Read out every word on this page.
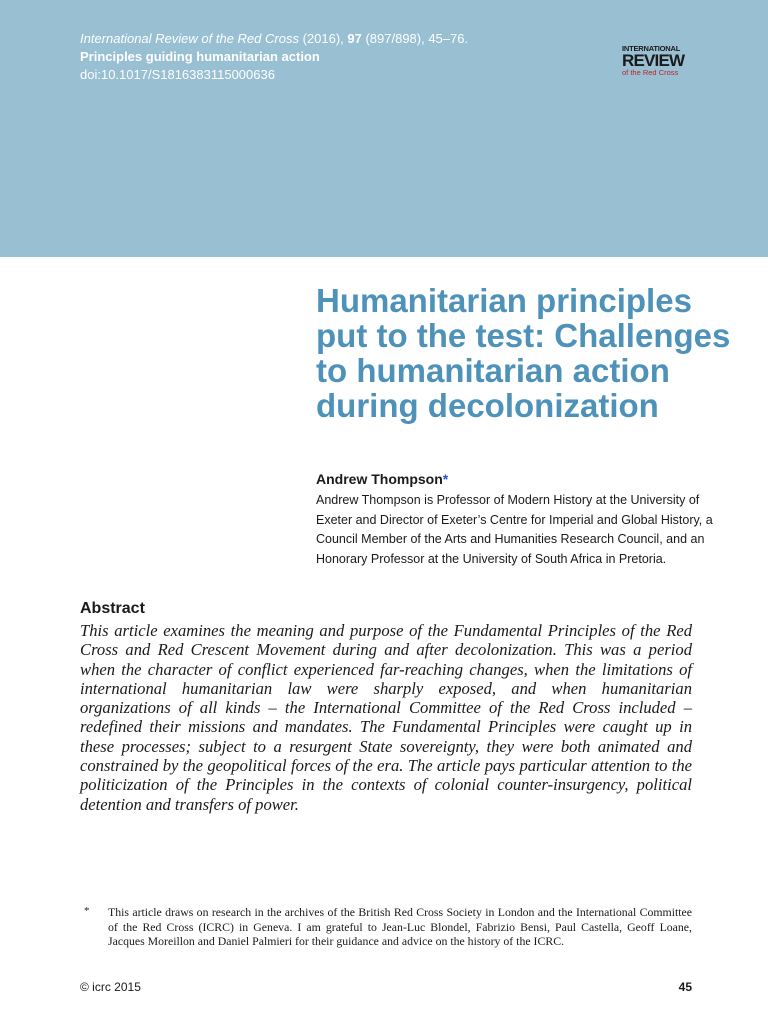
International Review of the Red Cross (2016), 97 (897/898), 45–76.
Principles guiding humanitarian action
doi:10.1017/S1816383115000636
INTERNATIONAL
REVIEW
of the Red Cross
Humanitarian principles put to the test: Challenges to humanitarian action during decolonization
Andrew Thompson*

Andrew Thompson is Professor of Modern History at the University of Exeter and Director of Exeter’s Centre for Imperial and Global History, a Council Member of the Arts and Humanities Research Council, and an Honorary Professor at the University of South Africa in Pretoria.

Abstract

This article examines the meaning and purpose of the Fundamental Principles of the Red Cross and Red Crescent Movement during and after decolonization. This was a period when the character of conflict experienced far-reaching changes, when the limitations of international humanitarian law were sharply exposed, and when humanitarian organizations of all kinds – the International Committee of the Red Cross included – redefined their missions and mandates. The Fundamental Principles were caught up in these processes; subject to a resurgent State sovereignty, they were both animated and constrained by the geopolitical forces of the era. The article pays particular attention to the politicization of the Principles in the contexts of colonial counter-insurgency, political detention and transfers of power.

* This article draws on research in the archives of the British Red Cross Society in London and the International Committee of the Red Cross (ICRC) in Geneva. I am grateful to Jean-Luc Blondel, Fabrizio Bensi, Paul Castella, Geoff Loane, Jacques Moreillon and Daniel Palmieri for their guidance and advice on the history of the ICRC.

© icrc 2015	45
